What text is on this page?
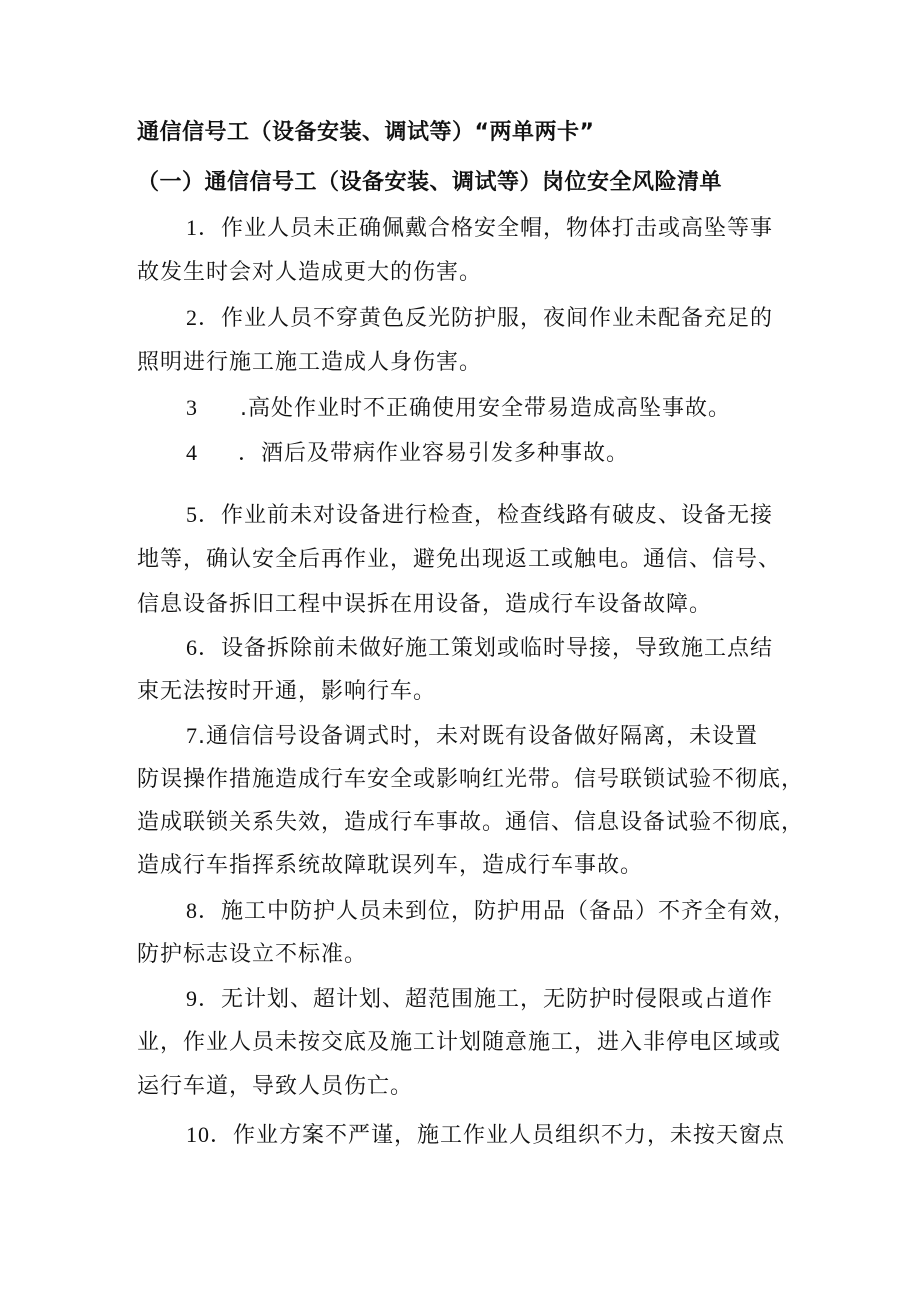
通信信号工（设备安装、调试等）“两单两卡”
（一）通信信号工（设备安装、调试等）岗位安全风险清单
1．作业人员未正确佩戴合格安全帽，物体打击或高坠等事
故发生时会对人造成更大的伤害。
2．作业人员不穿黄色反光防护服，夜间作业未配备充足的
照明进行施工施工造成人身伤害。
3 .高处作业时不正确使用安全带易造成高坠事故。
4 ．酒后及带病作业容易引发多种事故。
5．作业前未对设备进行检查，检查线路有破皮、设备无接
地等，确认安全后再作业，避免出现返工或触电。通信、信号、
信息设备拆旧工程中误拆在用设备，造成行车设备故障。
6．设备拆除前未做好施工策划或临时导接，导致施工点结
束无法按时开通，影响行车。
7.通信信号设备调式时，未对既有设备做好隔离，未设置
防误操作措施造成行车安全或影响红光带。信号联锁试验不彻底，
造成联锁关系失效，造成行车事故。通信、信息设备试验不彻底，
造成行车指挥系统故障耽误列车，造成行车事故。
8．施工中防护人员未到位，防护用品（备品）不齐全有效，
防护标志设立不标准。
9．无计划、超计划、超范围施工，无防护时侵限或占道作
业，作业人员未按交底及施工计划随意施工，进入非停电区域或
运行车道，导致人员伤亡。
10．作业方案不严谨，施工作业人员组织不力，未按天窗点
